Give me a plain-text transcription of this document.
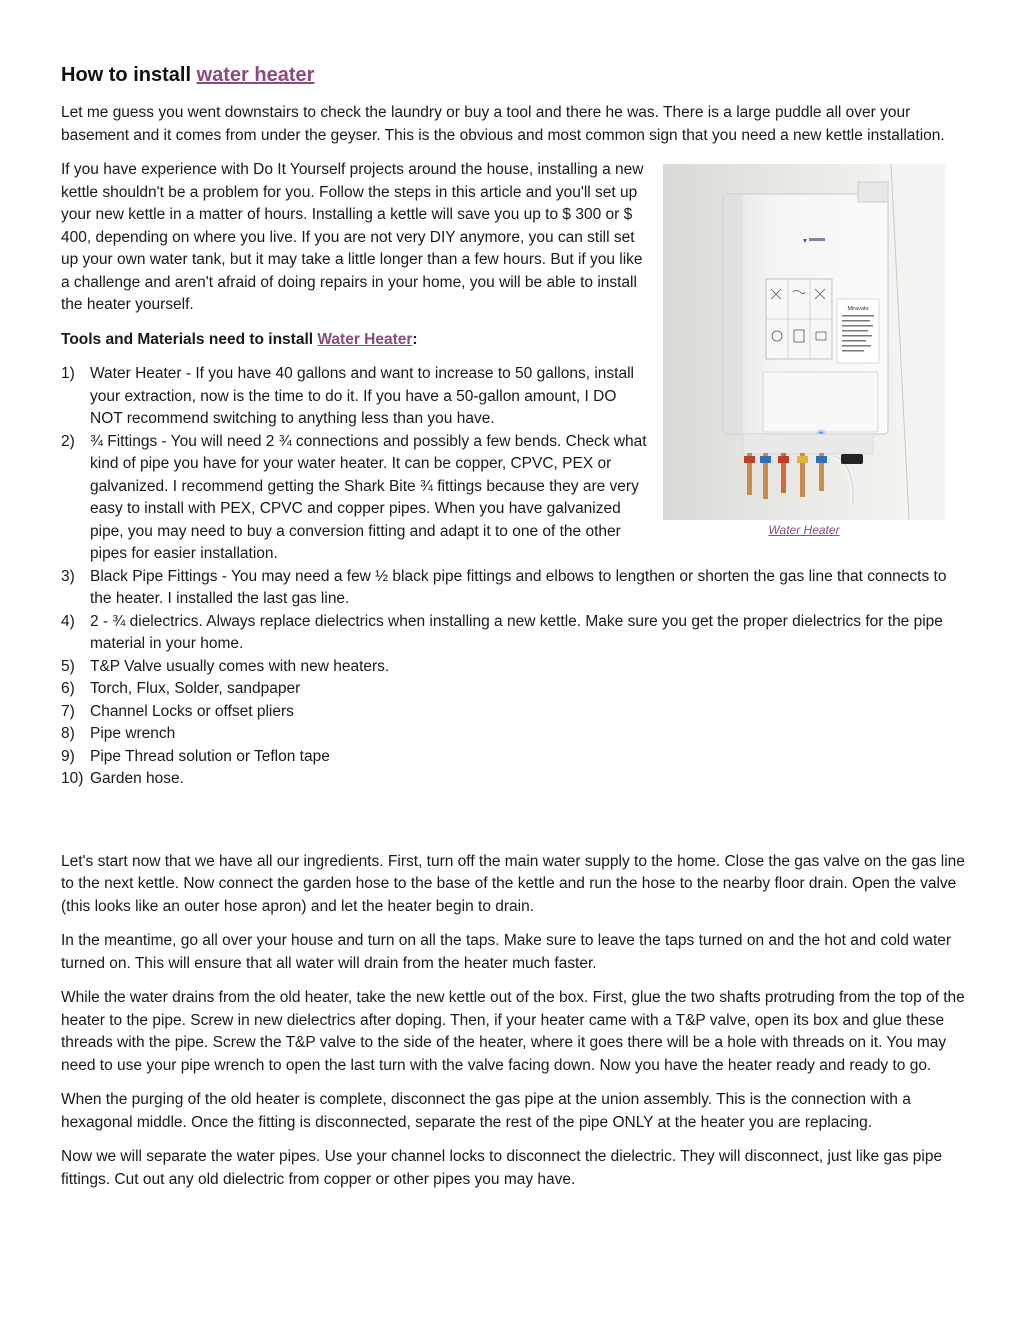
How to install water heater

Let me guess you went downstairs to check the laundry or buy a tool and there he was. There is a large puddle all over your basement and it comes from under the geyser. This is the obvious and most common sign that you need a new kettle installation.

Miravato
Water Heater

If you have experience with Do It Yourself projects around the house, installing a new kettle shouldn't be a problem for you. Follow the steps in this article and you'll set up your new kettle in a matter of hours. Installing a kettle will save you up to $ 300 or $ 400, depending on where you live. If you are not very DIY anymore, you can still set up your own water tank, but it may take a little longer than a few hours. But if you like a challenge and aren't afraid of doing repairs in your home, you will be able to install the heater yourself.

Tools and Materials need to install Water Heater:

1) Water Heater - If you have 40 gallons and want to increase to 50 gallons, install your extraction, now is the time to do it. If you have a 50-gallon amount, I DO NOT recommend switching to anything less than you have.
2) ¾ Fittings - You will need 2 ¾ connections and possibly a few bends. Check what kind of pipe you have for your water heater. It can be copper, CPVC, PEX or galvanized. I recommend getting the Shark Bite ¾ fittings because they are very easy to install with PEX, CPVC and copper pipes. When you have galvanized pipe, you may need to buy a conversion fitting and adapt it to one of the other pipes for easier installation.
3) Black Pipe Fittings - You may need a few ½ black pipe fittings and elbows to lengthen or shorten the gas line that connects to the heater. I installed the last gas line.
4) 2 - ¾ dielectrics. Always replace dielectrics when installing a new kettle. Make sure you get the proper dielectrics for the pipe material in your home.
5) T&P Valve usually comes with new heaters.
6) Torch, Flux, Solder, sandpaper
7) Channel Locks or offset pliers
8) Pipe wrench
9) Pipe Thread solution or Teflon tape
10) Garden hose.

Let's start now that we have all our ingredients. First, turn off the main water supply to the home. Close the gas valve on the gas line to the next kettle. Now connect the garden hose to the base of the kettle and run the hose to the nearby floor drain. Open the valve (this looks like an outer hose apron) and let the heater begin to drain.

In the meantime, go all over your house and turn on all the taps. Make sure to leave the taps turned on and the hot and cold water turned on. This will ensure that all water will drain from the heater much faster.

While the water drains from the old heater, take the new kettle out of the box. First, glue the two shafts protruding from the top of the heater to the pipe. Screw in new dielectrics after doping. Then, if your heater came with a T&P valve, open its box and glue these threads with the pipe. Screw the T&P valve to the side of the heater, where it goes there will be a hole with threads on it. You may need to use your pipe wrench to open the last turn with the valve facing down. Now you have the heater ready and ready to go.

When the purging of the old heater is complete, disconnect the gas pipe at the union assembly. This is the connection with a hexagonal middle. Once the fitting is disconnected, separate the rest of the pipe ONLY at the heater you are replacing.

Now we will separate the water pipes. Use your channel locks to disconnect the dielectric. They will disconnect, just like gas pipe fittings. Cut out any old dielectric from copper or other pipes you may have.
